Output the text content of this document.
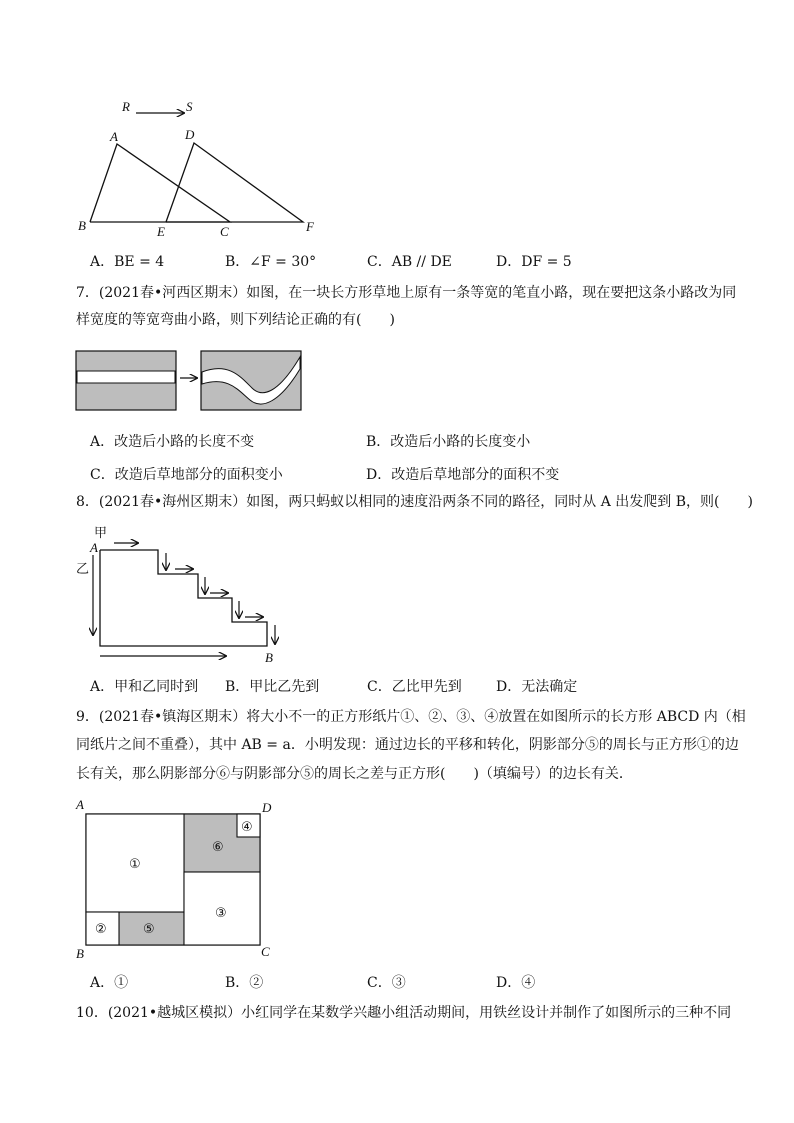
R	S
A	D
B	E	C	F
A．BE = 4	B．∠F = 30°	C．AB // DE	D．DF = 5
7．(2021春•河西区期末）如图，在一块长方形草地上原有一条等宽的笔直小路，现在要把这条小路改为同
样宽度的等宽弯曲小路，则下列结论正确的有(　　)
A．改造后小路的长度不变	B．改造后小路的长度变小
C．改造后草地部分的面积变小	D．改造后草地部分的面积不变
8．(2021春•海州区期末）如图，两只蚂蚁以相同的速度沿两条不同的路径，同时从 A 出发爬到 B，则(　　)
甲
乙
A
B
A．甲和乙同时到 B．甲比乙先到	C．乙比甲先到 D．无法确定
9．(2021春•镇海区期末）将大小不一的正方形纸片①、②、③、④放置在如图所示的长方形 ABCD 内（相
同纸片之间不重叠），其中 AB = a．小明发现：通过边长的平移和转化，阴影部分⑤的周长与正方形①的边
长有关，那么阴影部分⑥与阴影部分⑤的周长之差与正方形(　　)（填编号）的边长有关．
A	D
B	C
①
②
③
④
⑤
⑥
A．①	B．②	C．③	D．④
10．(2021•越城区模拟）小红同学在某数学兴趣小组活动期间，用铁丝设计并制作了如图所示的三种不同
